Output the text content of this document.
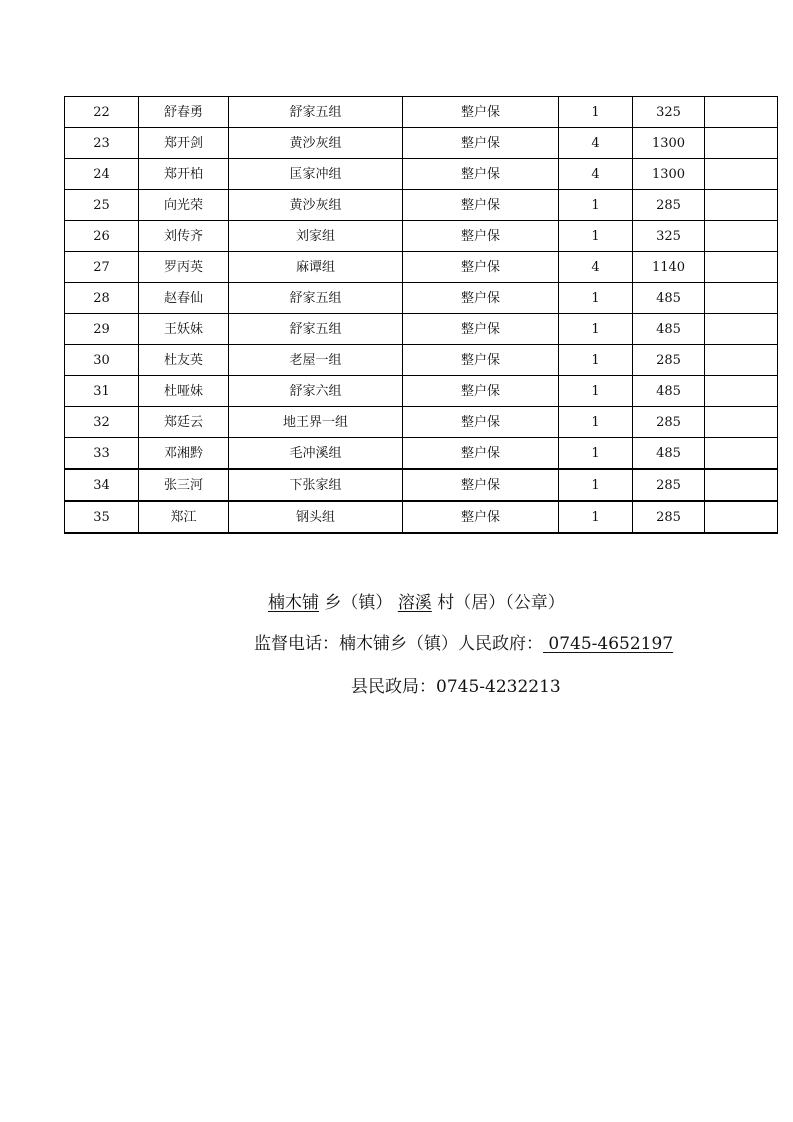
22	舒春勇	舒家五组	整户保	1	325	
23	郑开剑	黄沙灰组	整户保	4	1300	
24	郑开柏	匡家冲组	整户保	4	1300	
25	向光荣	黄沙灰组	整户保	1	285	
26	刘传齐	刘家组	整户保	1	325	
27	罗丙英	麻谭组	整户保	4	1140	
28	赵春仙	舒家五组	整户保	1	485	
29	王妖妹	舒家五组	整户保	1	485	
30	杜友英	老屋一组	整户保	1	285	
31	杜哑妹	舒家六组	整户保	1	485	
32	郑廷云	地王界一组	整户保	1	285	
33	邓湘黔	毛冲溪组	整户保	1	485	
34	张三河	下张家组	整户保	1	285	
35	郑江	钢头组	整户保	1	285	
楠木铺 乡（镇） 溶溪 村（居）（公章）
监督电话：楠木铺乡（镇）人民政府： 0745-4652197
县民政局：0745-4232213
